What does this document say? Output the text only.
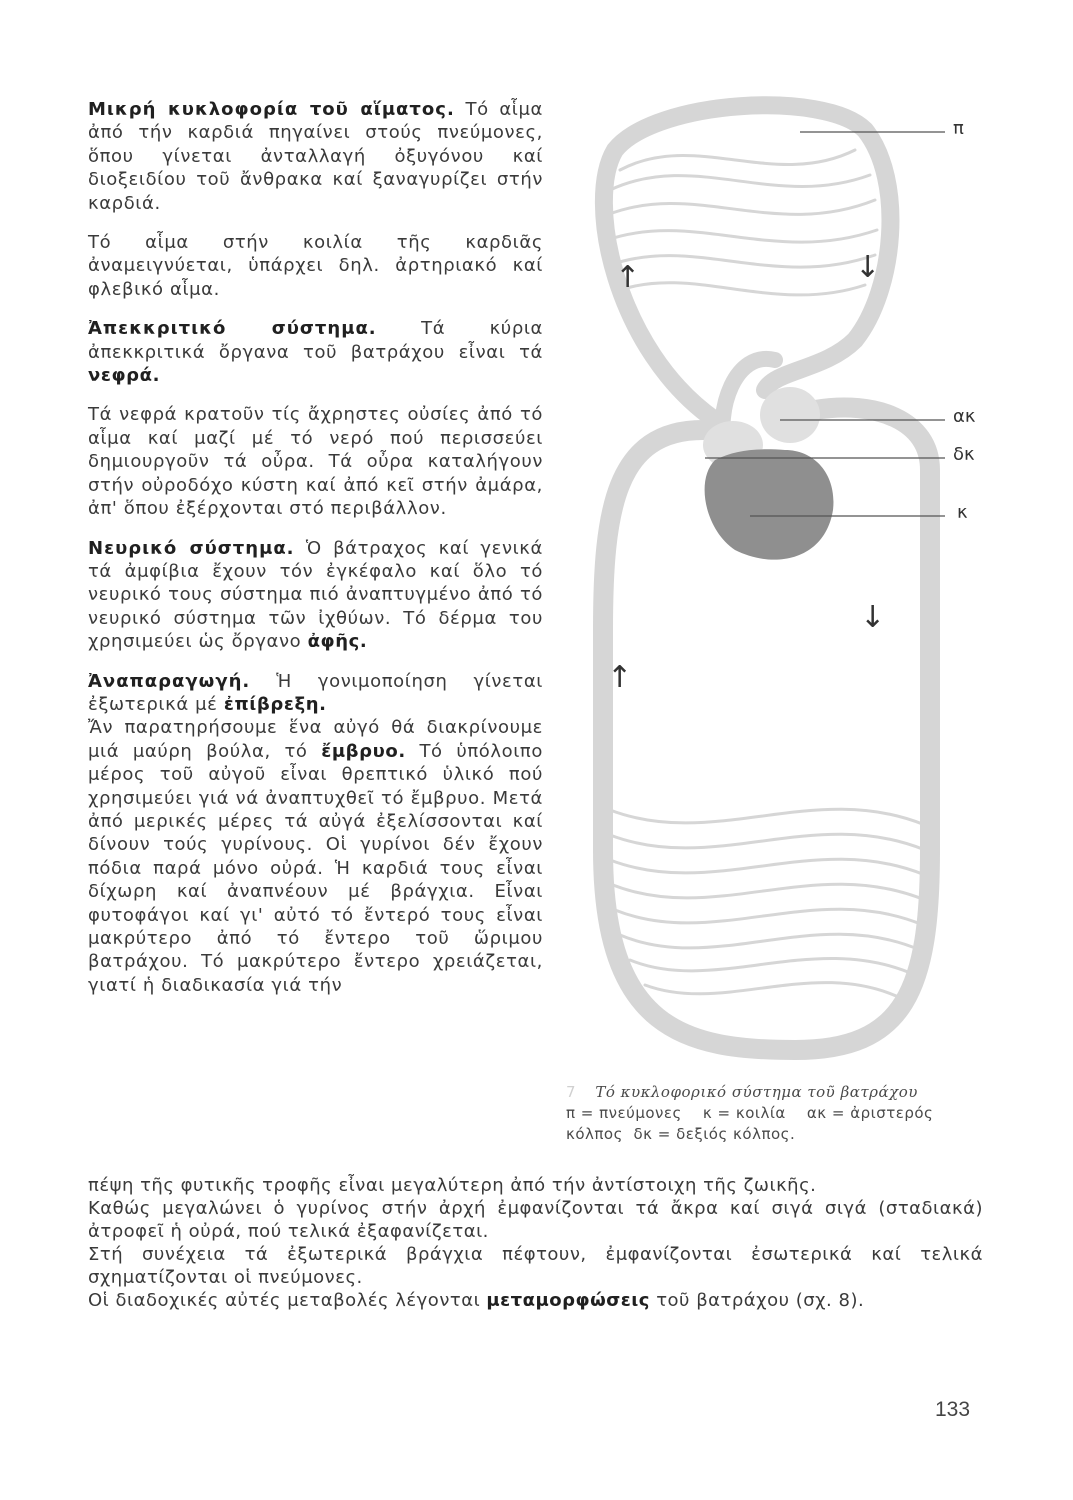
Μικρή κυκλοφορία τοῦ αἵματος. Τό αἷμα ἀπό τήν καρδιά πηγαίνει στούς πνεύμονες, ὅπου γίνεται ἀνταλλαγή ὀξυγόνου καί διοξειδίου τοῦ ἄνθρακα καί ξαναγυρίζει στήν καρδιά.

Τό αἷμα στήν κοιλία τῆς καρδιᾶς ἀναμειγνύεται, ὑπάρχει δηλ. ἀρτηριακό καί φλεβικό αἷμα.

Ἀπεκκριτικό σύστημα. Τά κύρια ἀπεκκριτικά ὄργανα τοῦ βατράχου εἶναι τά νεφρά.

Τά νεφρά κρατοῦν τίς ἄχρηστες οὐσίες ἀπό τό αἷμα καί μαζί μέ τό νερό πού περισσεύει δημιουργοῦν τά οὖρα. Τά οὖρα καταλήγουν στήν οὐροδόχο κύστη καί ἀπό κεῖ στήν ἀμάρα, ἀπ' ὅπου ἐξέρχονται στό περιβάλλον.

Νευρικό σύστημα. Ὁ βάτραχος καί γενικά τά ἀμφίβια ἔχουν τόν ἐγκέφαλο καί ὅλο τό νευρικό τους σύστημα πιό ἀναπτυγμένο ἀπό τό νευρικό σύστημα τῶν ἰχθύων. Τό δέρμα του χρησιμεύει ὡς ὄργανο ἀφῆς.

Ἀναπαραγωγή. Ἡ γονιμοποίηση γίνεται ἐξωτερικά μέ ἐπίβρεξη.

Ἄν παρατηρήσουμε ἕνα αὐγό θά διακρίνουμε μιά μαύρη βούλα, τό ἔμβρυο. Τό ὑπόλοιπο μέρος τοῦ αὐγοῦ εἶναι θρεπτικό ὑλικό πού χρησιμεύει γιά νά ἀναπτυχθεῖ τό ἔμβρυο. Μετά ἀπό μερικές μέρες τά αὐγά ἐξελίσσονται καί δίνουν τούς γυρίνους. Οἱ γυρίνοι δέν ἔχουν πόδια παρά μόνο οὐρά. Ἡ καρδιά τους εἶναι δίχωρη καί ἀναπνέουν μέ βράγχια. Εἶναι φυτοφάγοι καί γι' αὐτό τό ἔντερό τους εἶναι μακρύτερο ἀπό τό ἔντερο τοῦ ὥριμου βατράχου. Τό μακρύτερο ἔντερο χρειάζεται, γιατί ἡ διαδικασία γιά τήν

πέψη τῆς φυτικῆς τροφῆς εἶναι μεγαλύτερη ἀπό τήν ἀντίστοιχη τῆς ζωικῆς.

Καθώς μεγαλώνει ὁ γυρίνος στήν ἀρχή ἐμφανίζονται τά ἄκρα καί σιγά σιγά (σταδιακά) ἀτροφεῖ ἡ οὐρά, πού τελικά ἐξαφανίζεται.

Στή συνέχεια τά ἐξωτερικά βράγχια πέφτουν, ἐμφανίζονται ἐσωτερικά καί τελικά σχηματίζονται οἱ πνεύμονες.

Οἱ διαδοχικές αὐτές μεταβολές λέγονται μεταμορφώσεις τοῦ βατράχου (σχ. 8).

π
ακ
δκ
κ
↑	↓
↓
↑
7 Τό κυκλοφορικό σύστημα τοῦ βατράχου
π = πνεύμονες κ = κοιλία ακ = ἀριστερός κόλπος δκ = δεξιός κόλπος.
133
